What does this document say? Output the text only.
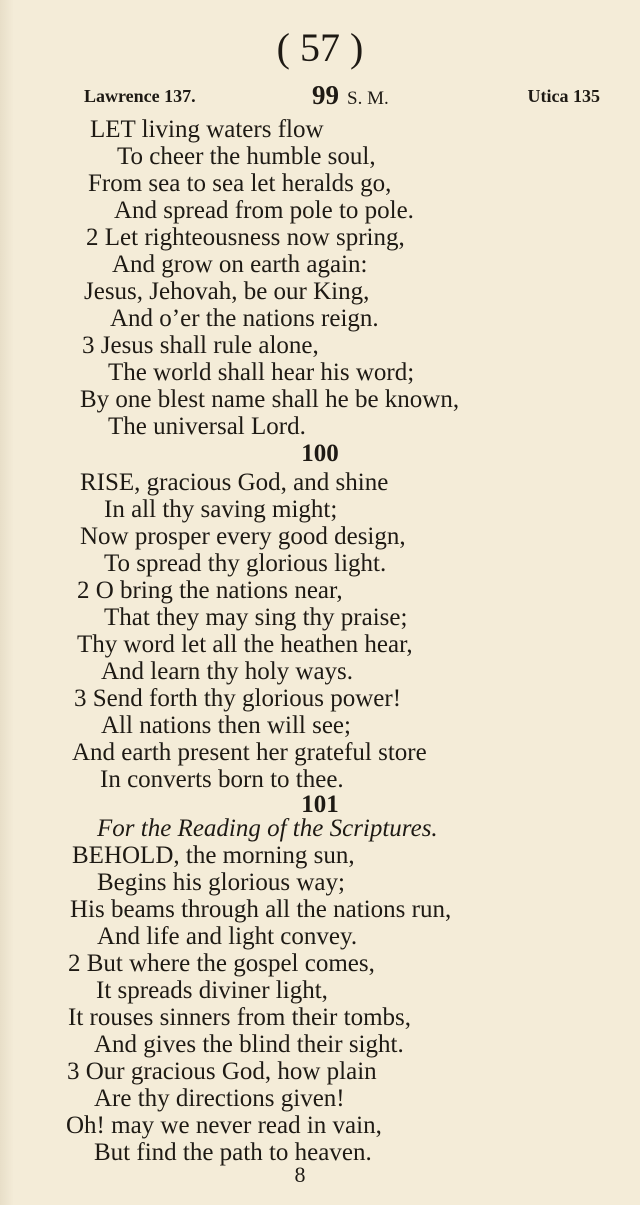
( 57 )
Lawrence 137.	99 S. M.	Utica 135
LET living waters flow
To cheer the humble soul,
From sea to sea let heralds go,
And spread from pole to pole.
2 Let righteousness now spring,
And grow on earth again:
Jesus, Jehovah, be our King,
And o’er the nations reign.
3 Jesus shall rule alone,
The world shall hear his word;
By one blest name shall he be known,
The universal Lord.
100
RISE, gracious God, and shine
In all thy saving might;
Now prosper every good design,
To spread thy glorious light.
2 O bring the nations near,
That they may sing thy praise;
Thy word let all the heathen hear,
And learn thy holy ways.
3 Send forth thy glorious power!
All nations then will see;
And earth present her grateful store
In converts born to thee.
101
For the Reading of the Scriptures.
BEHOLD, the morning sun,
Begins his glorious way;
His beams through all the nations run,
And life and light convey.
2 But where the gospel comes,
It spreads diviner light,
It rouses sinners from their tombs,
And gives the blind their sight.
3 Our gracious God, how plain
Are thy directions given!
Oh! may we never read in vain,
But find the path to heaven.
8
